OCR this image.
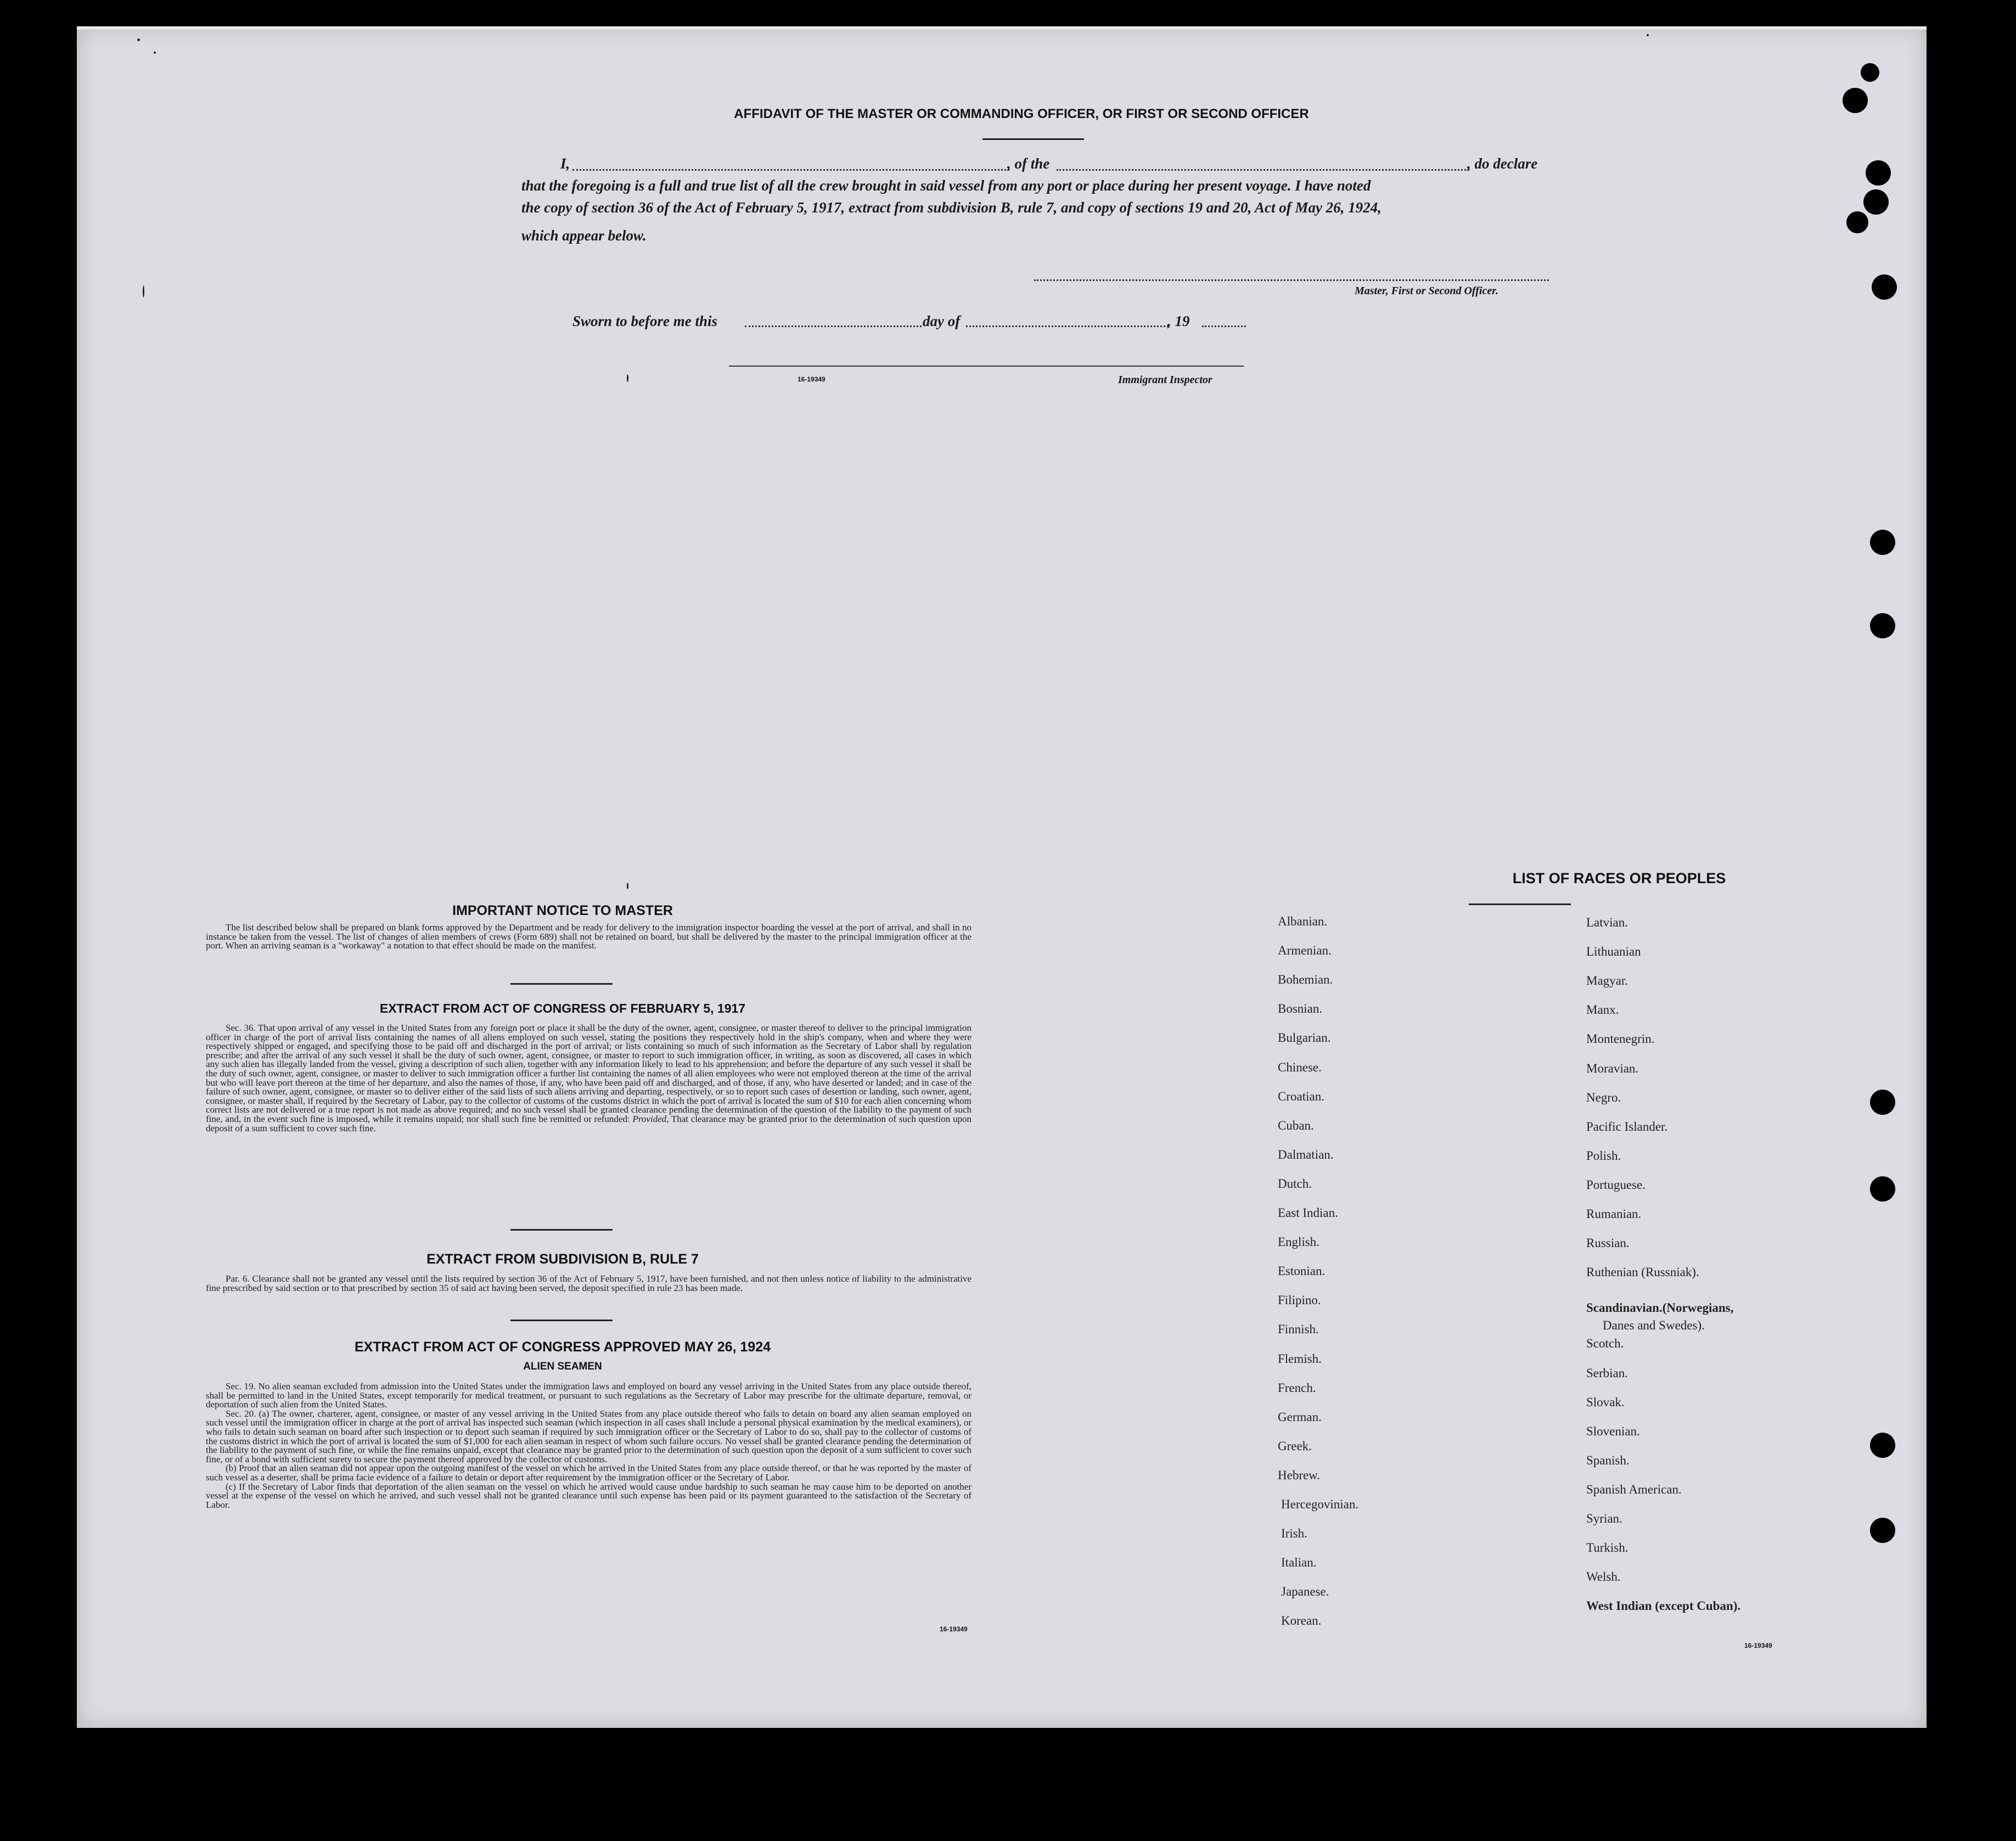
AFFIDAVIT OF THE MASTER OR COMMANDING OFFICER, OR FIRST OR SECOND OFFICER
I,	, of the	, do declare
that the foregoing is a full and true list of all the crew brought in said vessel from any port or place during her present voyage. I have noted
the copy of section 36 of the Act of February 5, 1917, extract from subdivision B, rule 7, and copy of sections 19 and 20, Act of May 26, 1924,
which appear below.
Master, First or Second Officer.
Sworn to before me this	day of	, 19
16-19349	Immigrant Inspector
IMPORTANT NOTICE TO MASTER

The list described below shall be prepared on blank forms approved by the Department and be ready for delivery to the immigration inspector boarding the vessel at the port of arrival, and shall in no instance be taken from the vessel. The list of changes of alien members of crews (Form 689) shall not be retained on board, but shall be delivered by the master to the principal immigration officer at the port. When an arriving seaman is a "workaway" a notation to that effect should be made on the manifest.

EXTRACT FROM ACT OF CONGRESS OF FEBRUARY 5, 1917

Sec. 36. That upon arrival of any vessel in the United States from any foreign port or place it shall be the duty of the owner, agent, consignee, or master thereof to deliver to the principal immigration officer in charge of the port of arrival lists containing the names of all aliens employed on such vessel, stating the positions they respectively hold in the ship's company, when and where they were respectively shipped or engaged, and specifying those to be paid off and discharged in the port of arrival; or lists containing so much of such information as the Secretary of Labor shall by regulation prescribe; and after the arrival of any such vessel it shall be the duty of such owner, agent, consignee, or master to report to such immigration officer, in writing, as soon as discovered, all cases in which any such alien has illegally landed from the vessel, giving a description of such alien, together with any information likely to lead to his apprehension; and before the departure of any such vessel it shall be the duty of such owner, agent, consignee, or master to deliver to such immigration officer a further list containing the names of all alien employees who were not employed thereon at the time of the arrival but who will leave port thereon at the time of her departure, and also the names of those, if any, who have been paid off and discharged, and of those, if any, who have deserted or landed; and in case of the failure of such owner, agent, consignee, or master so to deliver either of the said lists of such aliens arriving and departing, respectively, or so to report such cases of desertion or landing, such owner, agent, consignee, or master shall, if required by the Secretary of Labor, pay to the collector of customs of the customs district in which the port of arrival is located the sum of $10 for each alien concerning whom correct lists are not delivered or a true report is not made as above required; and no such vessel shall be granted clearance pending the determination of the question of the liability to the payment of such fine, and, in the event such fine is imposed, while it remains unpaid; nor shall such fine be remitted or refunded: Provided, That clearance may be granted prior to the determination of such question upon deposit of a sum sufficient to cover such fine.

EXTRACT FROM SUBDIVISION B, RULE 7

Par. 6. Clearance shall not be granted any vessel until the lists required by section 36 of the Act of February 5, 1917, have been furnished, and not then unless notice of liability to the administrative fine prescribed by said section or to that prescribed by section 35 of said act having been served, the deposit specified in rule 23 has been made.

EXTRACT FROM ACT OF CONGRESS APPROVED MAY 26, 1924
ALIEN SEAMEN

Sec. 19. No alien seaman excluded from admission into the United States under the immigration laws and employed on board any vessel arriving in the United States from any place outside thereof, shall be permitted to land in the United States, except temporarily for medical treatment, or pursuant to such regulations as the Secretary of Labor may prescribe for the ultimate departure, removal, or deportation of such alien from the United States.

Sec. 20. (a) The owner, charterer, agent, consignee, or master of any vessel arriving in the United States from any place outside thereof who fails to detain on board any alien seaman employed on such vessel until the immigration officer in charge at the port of arrival has inspected such seaman (which inspection in all cases shall include a personal physical examination by the medical examiners), or who fails to detain such seaman on board after such inspection or to deport such seaman if required by such immigration officer or the Secretary of Labor to do so, shall pay to the collector of customs of the customs district in which the port of arrival is located the sum of $1,000 for each alien seaman in respect of whom such failure occurs. No vessel shall be granted clearance pending the determination of the liability to the payment of such fine, or while the fine remains unpaid, except that clearance may be granted prior to the determination of such question upon the deposit of a sum sufficient to cover such fine, or of a bond with sufficient surety to secure the payment thereof approved by the collector of customs.

(b) Proof that an alien seaman did not appear upon the outgoing manifest of the vessel on which he arrived in the United States from any place outside thereof, or that he was reported by the master of such vessel as a deserter, shall be prima facie evidence of a failure to detain or deport after requirement by the immigration officer or the Secretary of Labor.

(c) If the Secretary of Labor finds that deportation of the alien seaman on the vessel on which he arrived would cause undue hardship to such seaman he may cause him to be deported on another vessel at the expense of the vessel on which he arrived, and such vessel shall not be granted clearance until such expense has been paid or its payment guaranteed to the satisfaction of the Secretary of Labor.

16-19349
LIST OF RACES OR PEOPLES
Albanian.
Armenian.
Bohemian.
Bosnian.
Bulgarian.
Chinese.
Croatian.
Cuban.
Dalmatian.
Dutch.
East Indian.
English.
Estonian.
Filipino.
Finnish.
Flemish.
French.
German.
Greek.
Hebrew.
Hercegovinian.
Irish.
Italian.
Japanese.
Korean.
Latvian.
Lithuanian
Magyar.
Manx.
Montenegrin.
Moravian.
Negro.
Pacific Islander.
Polish.
Portuguese.
Rumanian.
Russian.
Ruthenian (Russniak).
Scandinavian.(Norwegians,
Scotch.
Serbian.
Slovak.
Slovenian.
Spanish.
Spanish American.
Syrian.
Turkish.
Welsh.
West Indian (except Cuban).
Danes and Swedes).
16-19349
